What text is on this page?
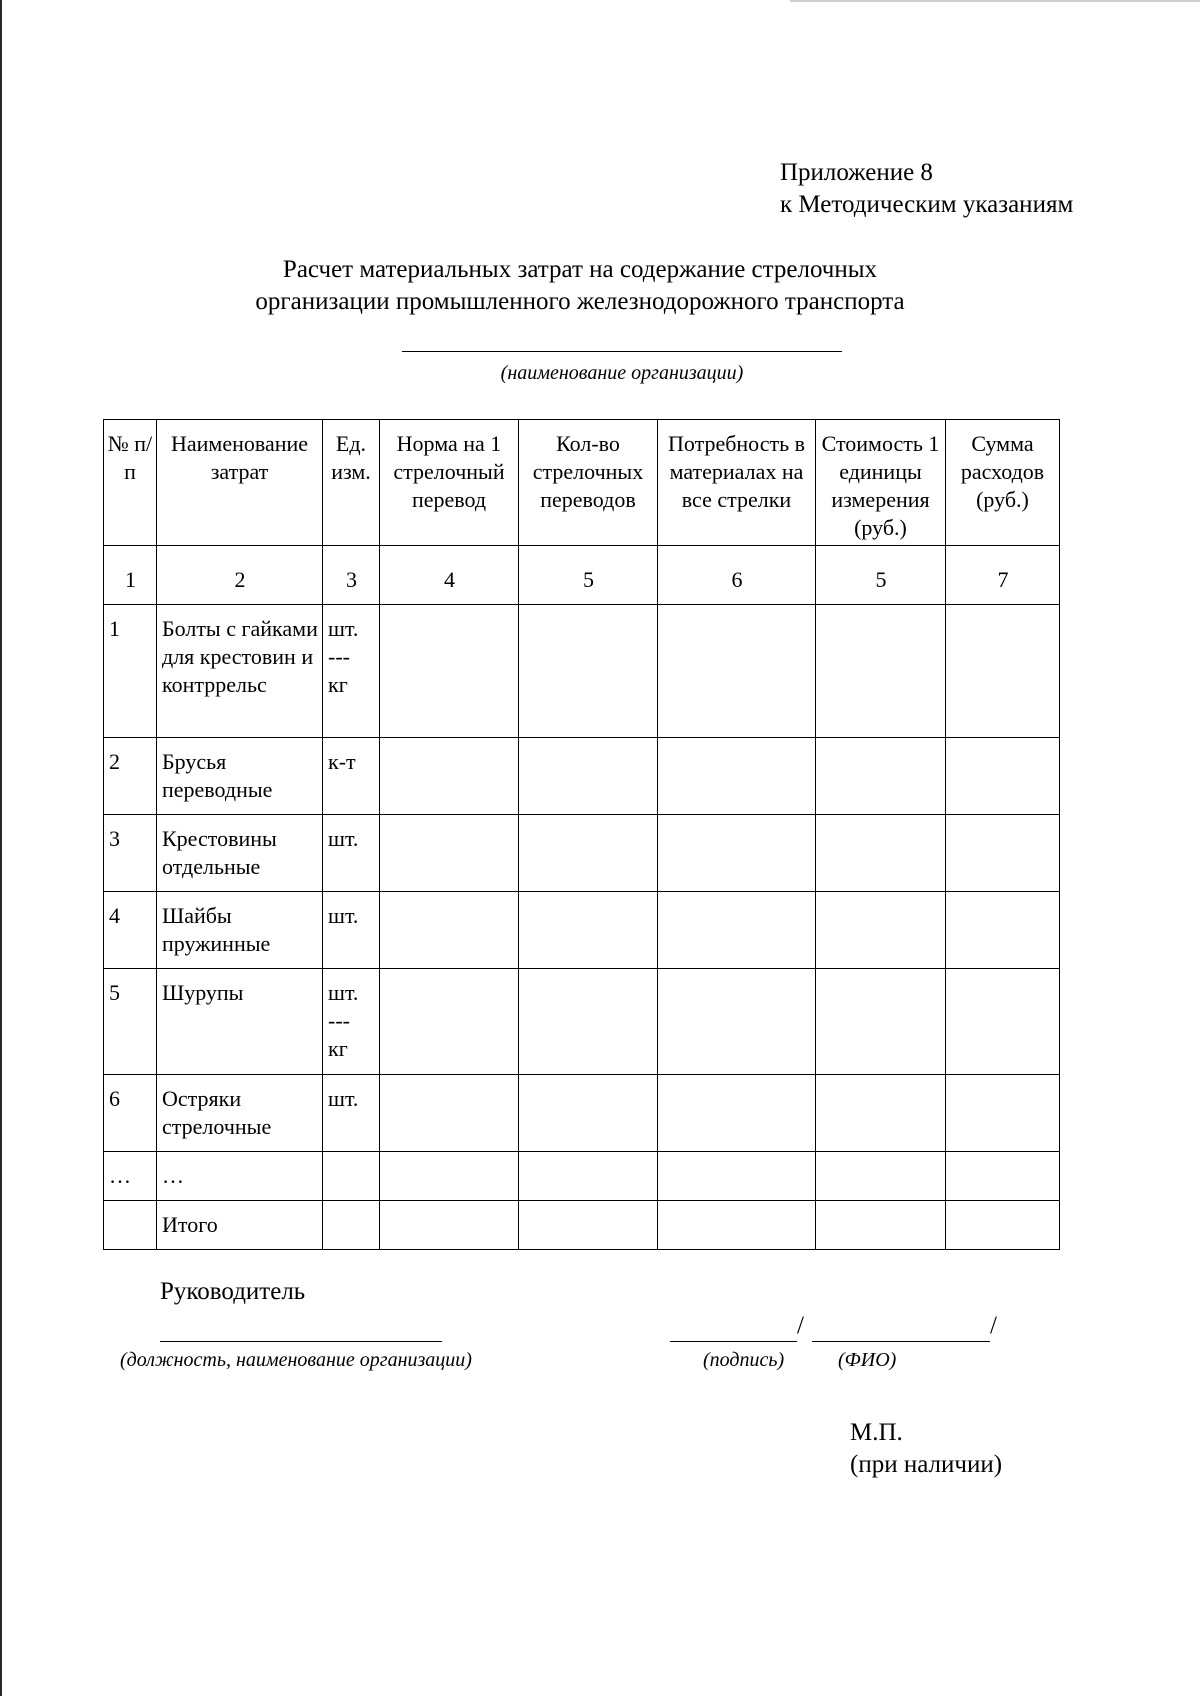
Приложение 8
к Методическим указаниям
Расчет материальных затрат на содержание стрелочных
организации промышленного железнодорожного транспорта
(наименование организации)
№ п/п	Наименование затрат	Ед. изм.	Норма на 1 стрелочный перевод	Кол-во стрелочных переводов	Потребность в материалах на все стрелки	Стоимость 1 единицы измерения (руб.)	Сумма расходов (руб.)

1	2	3	4	5	6	5	7
1	Болты с гайками для крестовин и контррельс	шт.
---
кг					

2	Брусья переводные	к-т					

3	Крестовины отдельные	шт.					

4	Шайбы пружинные	шт.					

5	Шурупы	шт.
---
кг					

6	Остряки стрелочные	шт.					

…	…						
	Итого						
Руководитель
/	/
(должность, наименование организации)	(подпись)	(ФИО)
М.П.
(при наличии)
